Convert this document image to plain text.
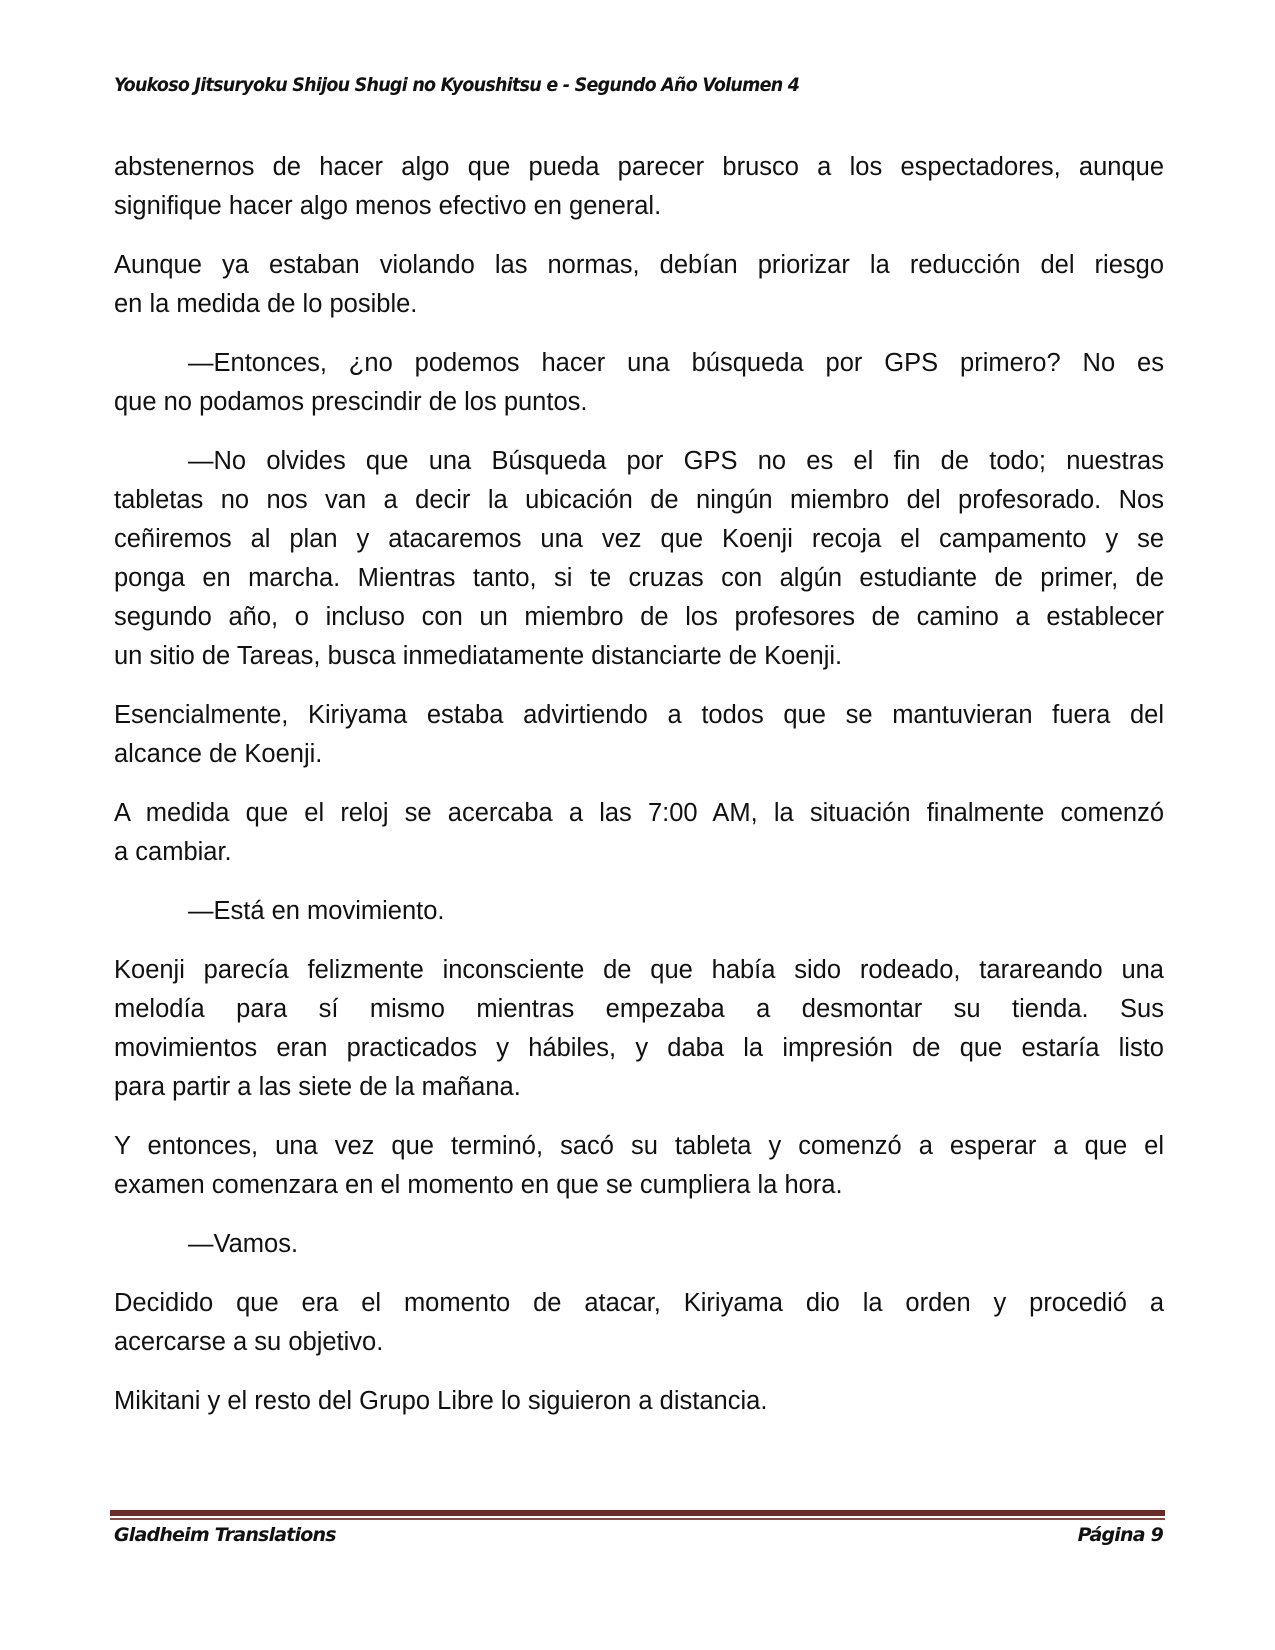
Youkoso Jitsuryoku Shijou Shugi no Kyoushitsu e - Segundo Año Volumen 4
abstenernos de hacer algo que pueda parecer brusco a los espectadores, aunque
signifique hacer algo menos efectivo en general.
Aunque ya estaban violando las normas, debían priorizar la reducción del riesgo
en la medida de lo posible.
—Entonces, ¿no podemos hacer una búsqueda por GPS primero? No es
que no podamos prescindir de los puntos.
—No olvides que una Búsqueda por GPS no es el fin de todo; nuestras
tabletas no nos van a decir la ubicación de ningún miembro del profesorado. Nos
ceñiremos al plan y atacaremos una vez que Koenji recoja el campamento y se
ponga en marcha. Mientras tanto, si te cruzas con algún estudiante de primer, de
segundo año, o incluso con un miembro de los profesores de camino a establecer
un sitio de Tareas, busca inmediatamente distanciarte de Koenji.
Esencialmente, Kiriyama estaba advirtiendo a todos que se mantuvieran fuera del
alcance de Koenji.
A medida que el reloj se acercaba a las 7:00 AM, la situación finalmente comenzó
a cambiar.
—Está en movimiento.
Koenji parecía felizmente inconsciente de que había sido rodeado, tarareando una
melodía para sí mismo mientras empezaba a desmontar su tienda. Sus
movimientos eran practicados y hábiles, y daba la impresión de que estaría listo
para partir a las siete de la mañana.
Y entonces, una vez que terminó, sacó su tableta y comenzó a esperar a que el
examen comenzara en el momento en que se cumpliera la hora.
—Vamos.
Decidido que era el momento de atacar, Kiriyama dio la orden y procedió a
acercarse a su objetivo.
Mikitani y el resto del Grupo Libre lo siguieron a distancia.
Gladheim Translations	Página 9
